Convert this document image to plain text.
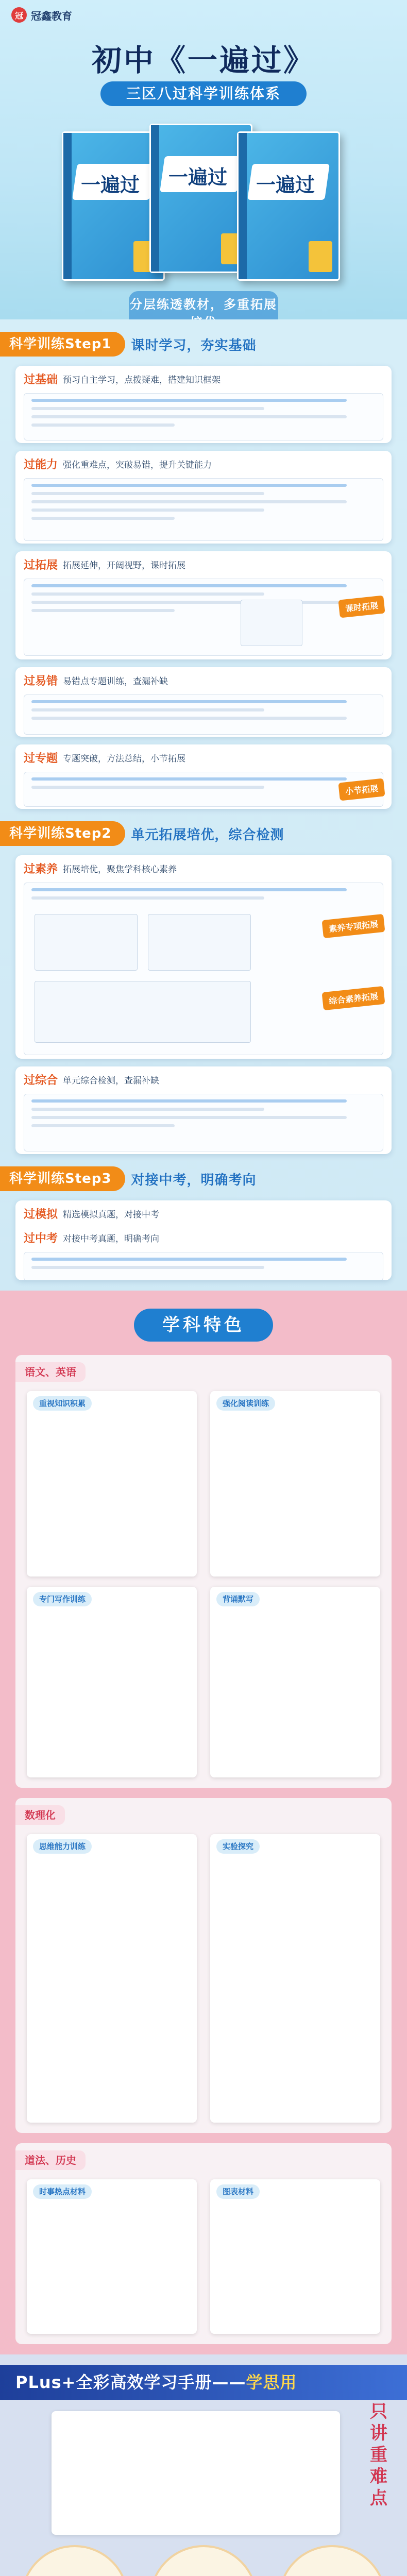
冠 冠鑫教育
初中《一遍过》
三区八过科学训练体系
一遍过 一遍过 一遍过
分层练透教材，多重拓展
科学训练Step1	课时学习，夯实基础
过基础 预习自主学习，点拨疑难，搭建知识框架
过能力 强化重难点，突破易错，提升关键能力
过拓展 拓展延伸，开阔视野，课时拓展
课时拓展
过易错 易错点专题训练，查漏补缺
过专题 专题突破，方法总结，小节拓展
小节拓展
科学训练Step2	单元拓展培优，综合检测
过素养 拓展培优，聚焦学科核心素养
素养专项拓展
综合素养拓展
过综合 单元综合检测，查漏补缺
科学训练Step3	对接中考，明确考向
过模拟 精选模拟真题，对接中考
过中考 对接中考真题，明确考向
学科特色
语文、英语
重视知识积累	强化阅读训练
专门写作训练	背诵默写
数理化
思维能力训练	实验探究
道法、历史
时事热点材料	图表材料
PLus+全彩高效学习手册——学思用
只
讲
重
难
点
